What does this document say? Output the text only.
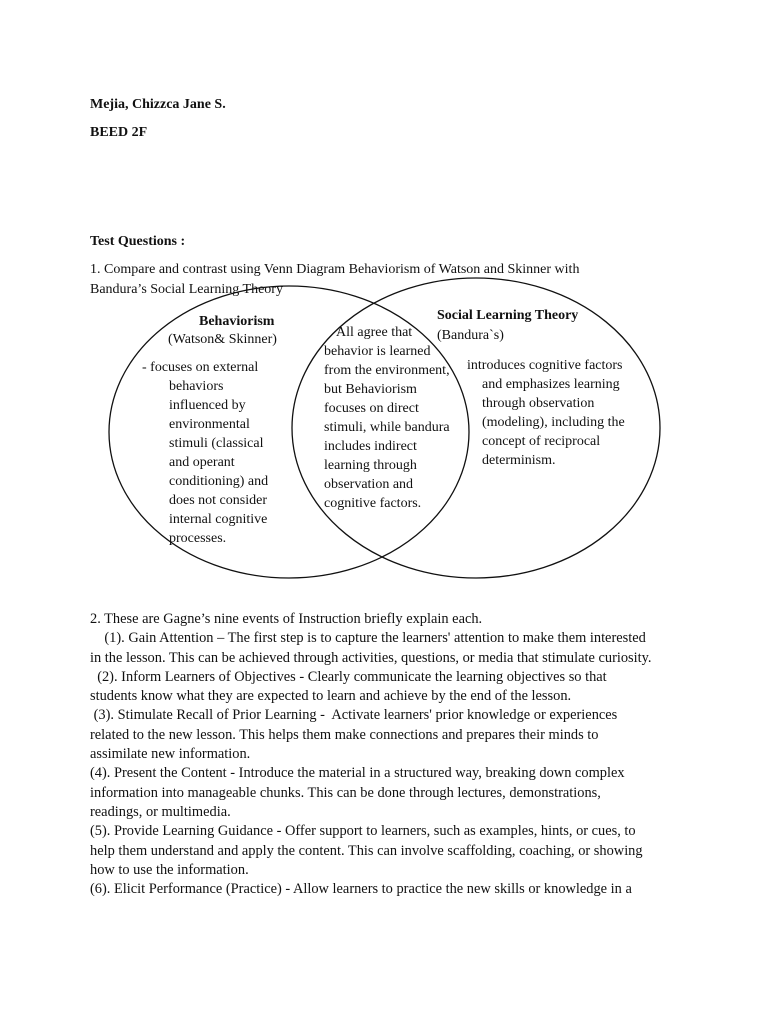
Mejia, Chizzca Jane S.
BEED 2F
Test Questions :
1. Compare and contrast using Venn Diagram Behaviorism of Watson and Skinner with
Bandura’s Social Learning Theory
Behaviorism
(Watson& Skinner)
- focuses on external
behaviors
influenced by
environmental
stimuli (classical
and operant
conditioning) and
does not consider
internal cognitive
processes.
All agree that
behavior is learned
from the environment,
but Behaviorism
focuses on direct
stimuli, while bandura
includes indirect
learning through
observation and
cognitive factors.
Social Learning Theory
(Bandura`s)
introduces cognitive factors
and emphasizes learning
through observation
(modeling), including the
concept of reciprocal
determinism.
2. These are Gagne’s nine events of Instruction briefly explain each.
(1). Gain Attention – The first step is to capture the learners' attention to make them interested
in the lesson. This can be achieved through activities, questions, or media that stimulate curiosity.
(2). Inform Learners of Objectives - Clearly communicate the learning objectives so that
students know what they are expected to learn and achieve by the end of the lesson.
(3). Stimulate Recall of Prior Learning -  Activate learners' prior knowledge or experiences
related to the new lesson. This helps them make connections and prepares their minds to
assimilate new information.
(4). Present the Content - Introduce the material in a structured way, breaking down complex
information into manageable chunks. This can be done through lectures, demonstrations,
readings, or multimedia.
(5). Provide Learning Guidance - Offer support to learners, such as examples, hints, or cues, to
help them understand and apply the content. This can involve scaffolding, coaching, or showing
how to use the information.
(6). Elicit Performance (Practice) - Allow learners to practice the new skills or knowledge in a
